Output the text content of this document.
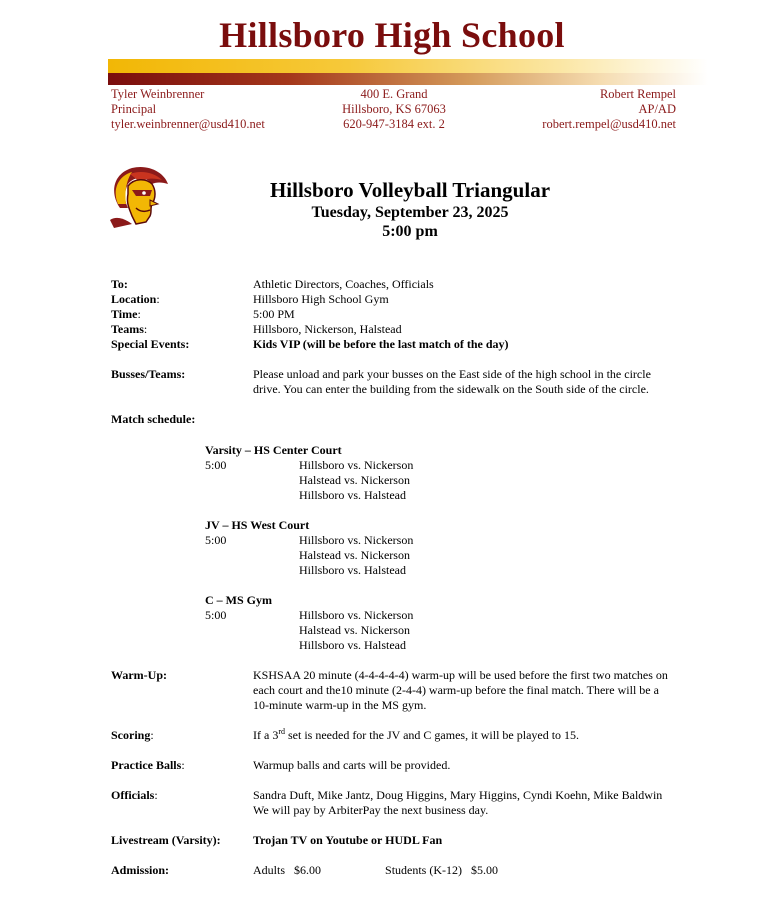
Hillsboro High School
Tyler Weinbrenner
Principal
tyler.weinbrenner@usd410.net
400 E. Grand
Hillsboro, KS 67063
620-947-3184 ext. 2
Robert Rempel
AP/AD
robert.rempel@usd410.net
Hillsboro Volleyball Triangular
Tuesday, September 23, 2025
5:00 pm
To:	Athletic Directors, Coaches, Officials
Location:	Hillsboro High School Gym
Time:	5:00 PM
Teams:	Hillsboro, Nickerson, Halstead
Special Events:	Kids VIP (will be before the last match of the day)
Busses/Teams:	Please unload and park your busses on the East side of the high school in the circle
drive. You can enter the building from the sidewalk on the South side of the circle.
Match schedule:
Varsity – HS Center Court
5:00	Hillsboro vs. Nickerson
Halstead vs. Nickerson
Hillsboro vs. Halstead
JV – HS West Court
5:00	Hillsboro vs. Nickerson
Halstead vs. Nickerson
Hillsboro vs. Halstead
C – MS Gym
5:00	Hillsboro vs. Nickerson
Halstead vs. Nickerson
Hillsboro vs. Halstead
Warm-Up:	KSHSAA 20 minute (4-4-4-4-4) warm-up will be used before the first two matches on
each court and the10 minute (2-4-4) warm-up before the final match. There will be a
10-minute warm-up in the MS gym.
Scoring:	If a 3rd set is needed for the JV and C games, it will be played to 15.
Practice Balls:	Warmup balls and carts will be provided.
Officials:	Sandra Duft, Mike Jantz, Doug Higgins, Mary Higgins, Cyndi Koehn, Mike Baldwin
We will pay by ArbiterPay the next business day.
Livestream (Varsity):	Trojan TV on Youtube or HUDL Fan
Admission:	Adults $6.00	Students (K-12) $5.00
